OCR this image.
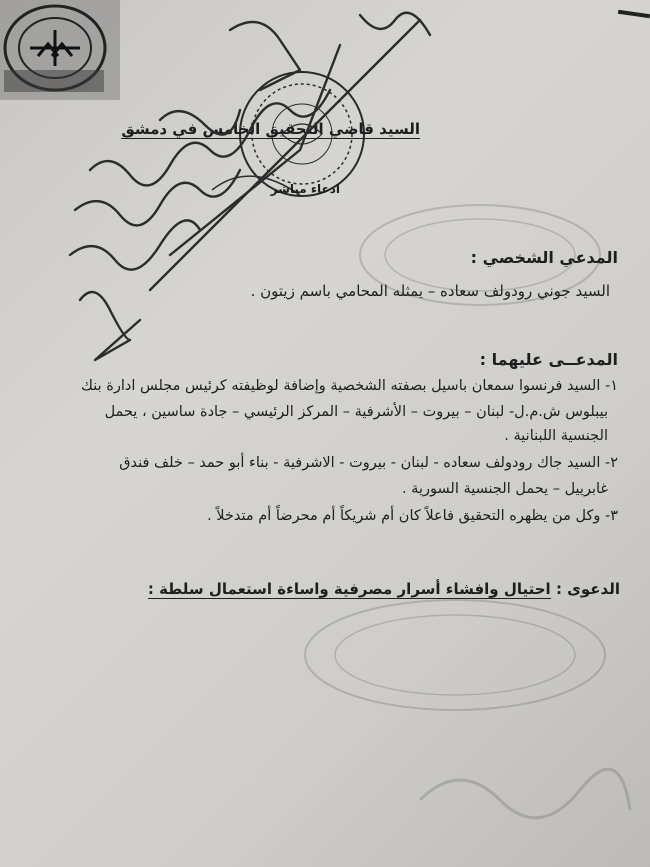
السيد قاضي التحقيق الخامس في دمشق
ادعاء مباشر
المدعي الشخصي :
السيد جوني رودولف سعاده – يمثله المحامي باسم زيتون .
المدعــى عليهما :
١- السيد فرنسوا سمعان باسيل بصفته الشخصية وإضافة لوظيفته كرئيس مجلس ادارة بنك
بيبلوس ش.م.ل- لبنان – بيروت – الأشرفية – المركز الرئيسي – جادة ساسين ، يحمل
الجنسية اللبنانية .
٢- السيد جاك رودولف سعاده - لبنان - بيروت - الاشرفية - بناء أبو حمد – خلف فندق
غابرييل – يحمل الجنسية السورية .
٣- وكل من يظهره التحقيق فاعلاً كان أم شريكاً أم محرضاً أم متدخلاً .
الدعوى : احتيال وافشاء أسرار مصرفية واساءة استعمال سلطة :
